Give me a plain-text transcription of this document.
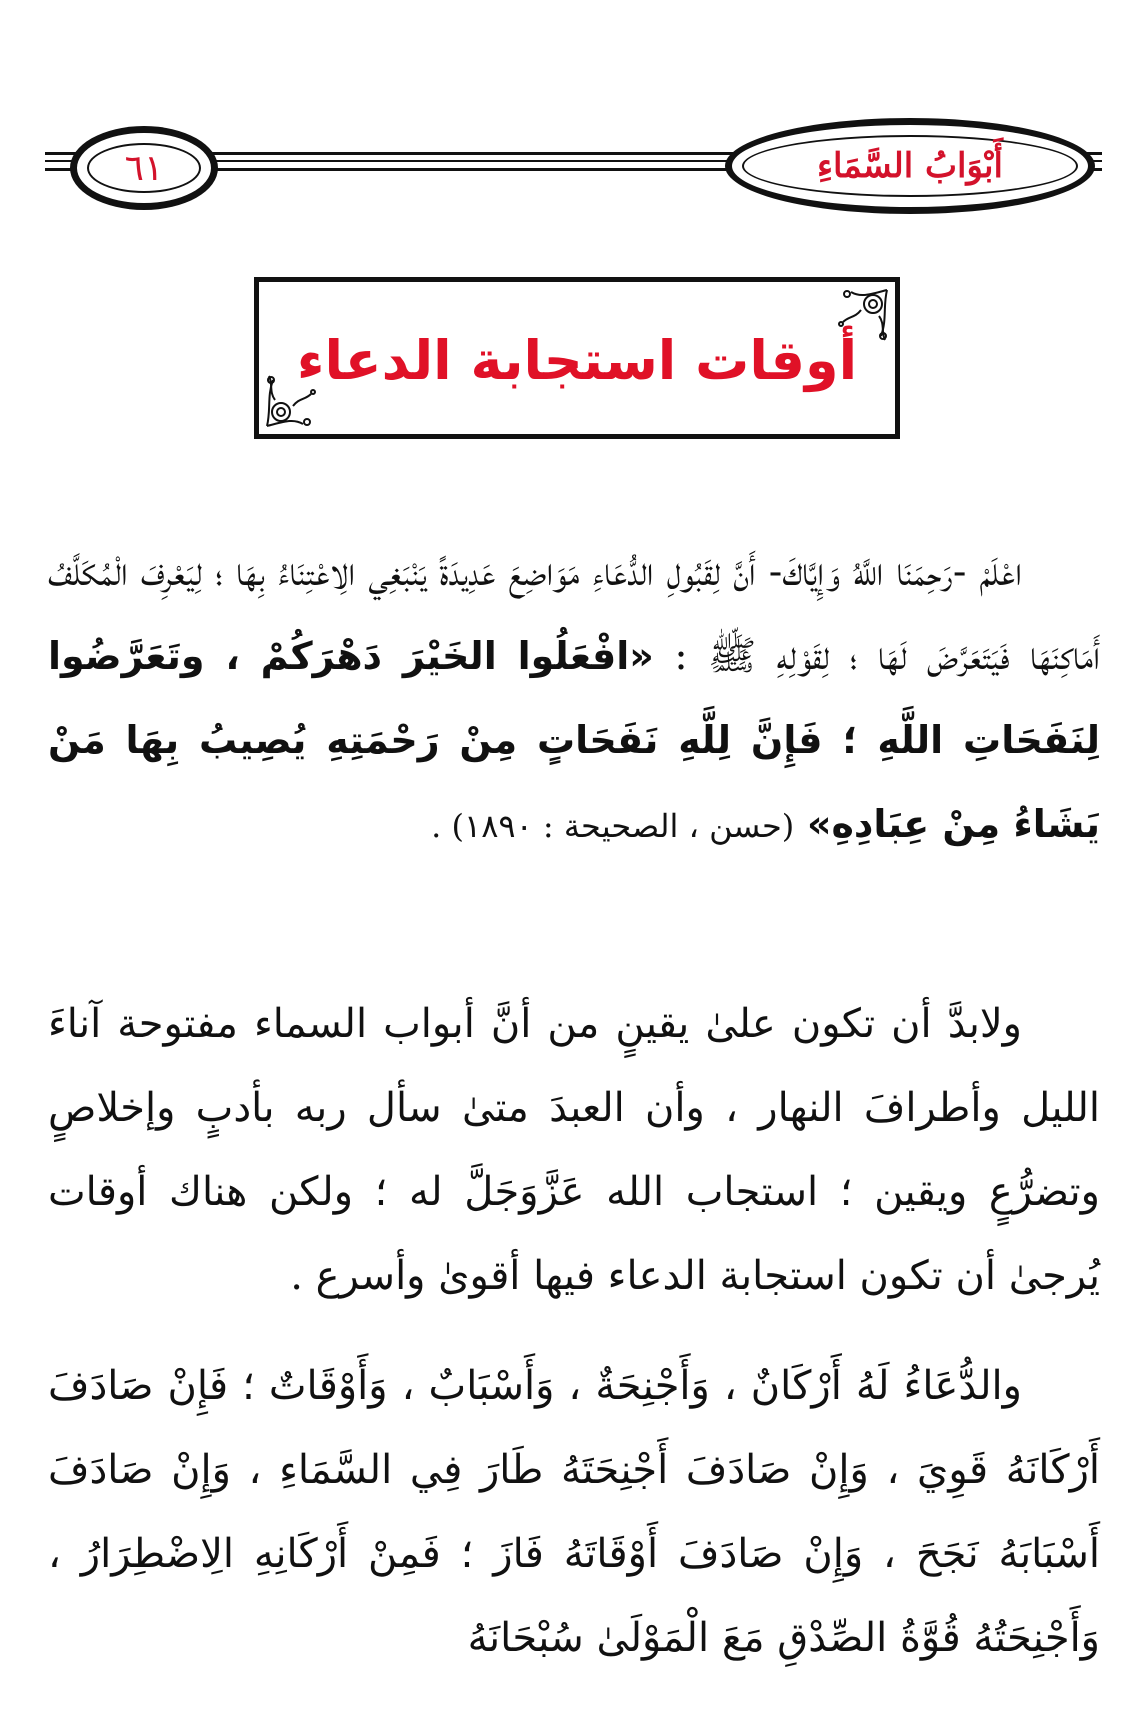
٦١	أَبْوَابُ السَّمَاءِ
أوقات استجابة الدعاء
اعْلَمْ -رَحِمَنَا اللَّهُ وَإِيَّاكَ- أَنَّ لِقَبُولِ الدُّعَاءِ مَوَاضِعَ عَدِيدَةً يَنْبَغِي الِاعْتِنَاءُ بِهَا ؛ لِيَعْرِفَ الْمُكَلَّفُ أَمَاكِنَهَا فَيَتَعَرَّضَ لَهَا ؛ لِقَوْلِهِ ﷺ : «افْعَلُوا الخَيْرَ دَهْرَكُمْ ، وتَعَرَّضُوا لِنَفَحَاتِ اللَّهِ ؛ فَإِنَّ لِلَّهِ نَفَحَاتٍ مِنْ رَحْمَتِهِ يُصِيبُ بِهَا مَنْ يَشَاءُ مِنْ عِبَادِهِ» (حسن ، الصحيحة : ١٨٩٠) .
ولابدَّ أن تكون علىٰ يقينٍ من أنَّ أبواب السماء مفتوحة آناءَ الليل وأطرافَ النهار ، وأن العبدَ متىٰ سأل ربه بأدبٍ وإخلاصٍ وتضرُّعٍ ويقين ؛ استجاب الله عَزَّوَجَلَّ له ؛ ولكن هناك أوقات يُرجىٰ أن تكون استجابة الدعاء فيها أقوىٰ وأسرع .
والدُّعَاءُ لَهُ أَرْكَانٌ ، وَأَجْنِحَةٌ ، وَأَسْبَابٌ ، وَأَوْقَاتٌ ؛ فَإِنْ صَادَفَ أَرْكَانَهُ قَوِيَ ، وَإِنْ صَادَفَ أَجْنِحَتَهُ طَارَ فِي السَّمَاءِ ، وَإِنْ صَادَفَ أَسْبَابَهُ نَجَحَ ، وَإِنْ صَادَفَ أَوْقَاتَهُ فَازَ ؛ فَمِنْ أَرْكَانِهِ الِاضْطِرَارُ ، وَأَجْنِحَتُهُ قُوَّةُ الصِّدْقِ مَعَ الْمَوْلَىٰ سُبْحَانَهُ
